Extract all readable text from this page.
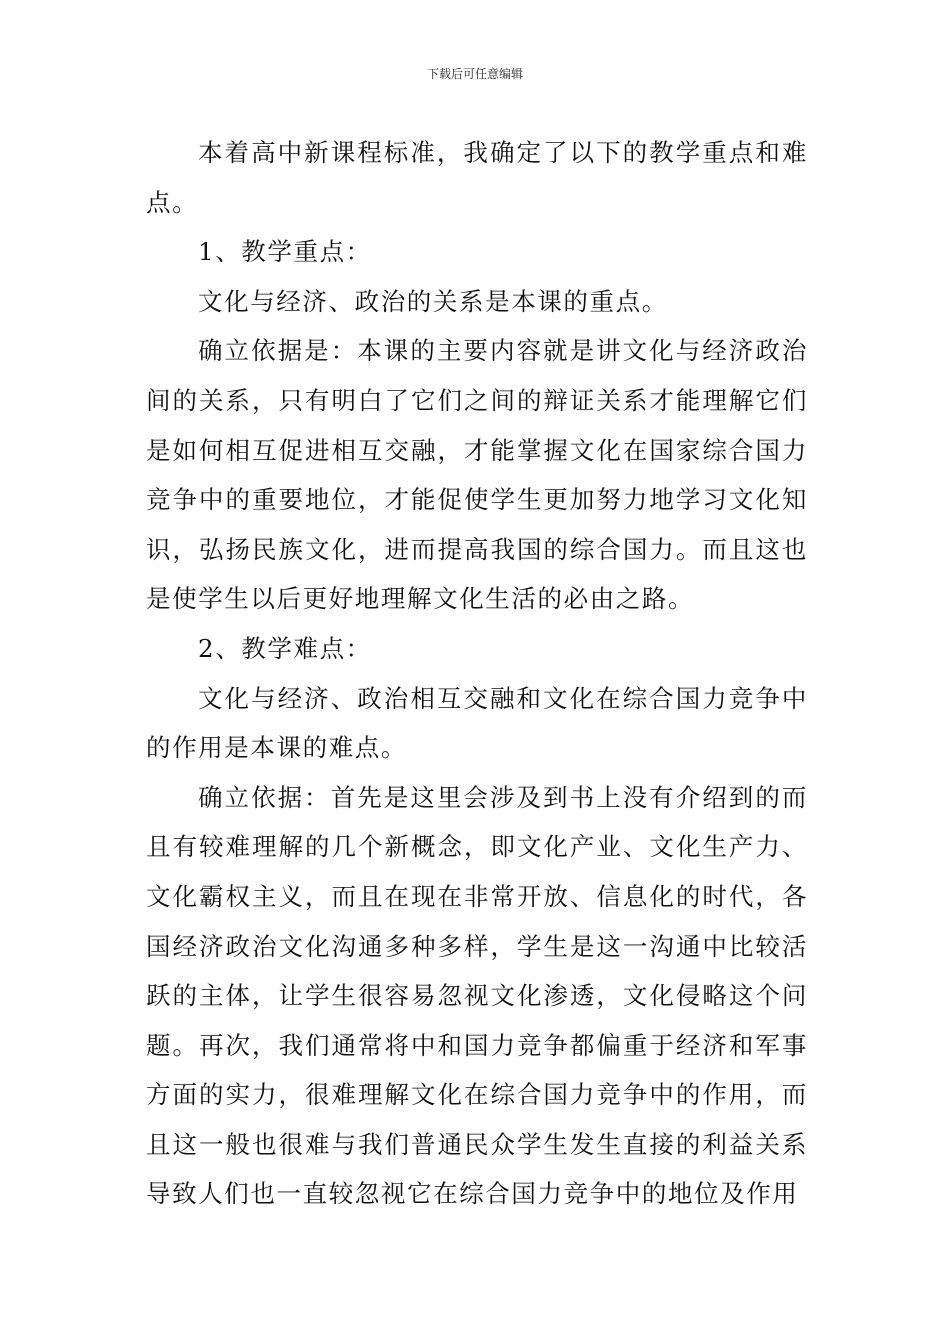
下载后可任意编辑

本着高中新课程标准，我确定了以下的教学重点和难点。

1、教学重点：

文化与经济、政治的关系是本课的重点。

确立依据是：本课的主要内容就是讲文化与经济政治间的关系，只有明白了它们之间的辩证关系才能理解它们是如何相互促进相互交融，才能掌握文化在国家综合国力竞争中的重要地位，才能促使学生更加努力地学习文化知识，弘扬民族文化，进而提高我国的综合国力。而且这也是使学生以后更好地理解文化生活的必由之路。

2、教学难点：

文化与经济、政治相互交融和文化在综合国力竞争中的作用是本课的难点。

确立依据：首先是这里会涉及到书上没有介绍到的而且有较难理解的几个新概念，即文化产业、文化生产力、文化霸权主义，而且在现在非常开放、信息化的时代，各国经济政治文化沟通多种多样，学生是这一沟通中比较活跃的主体，让学生很容易忽视文化渗透，文化侵略这个问题。再次，我们通常将中和国力竞争都偏重于经济和军事方面的实力，很难理解文化在综合国力竞争中的作用，而且这一般也很难与我们普通民众学生发生直接的利益关系导致人们也一直较忽视它在综合国力竞争中的地位及作用
